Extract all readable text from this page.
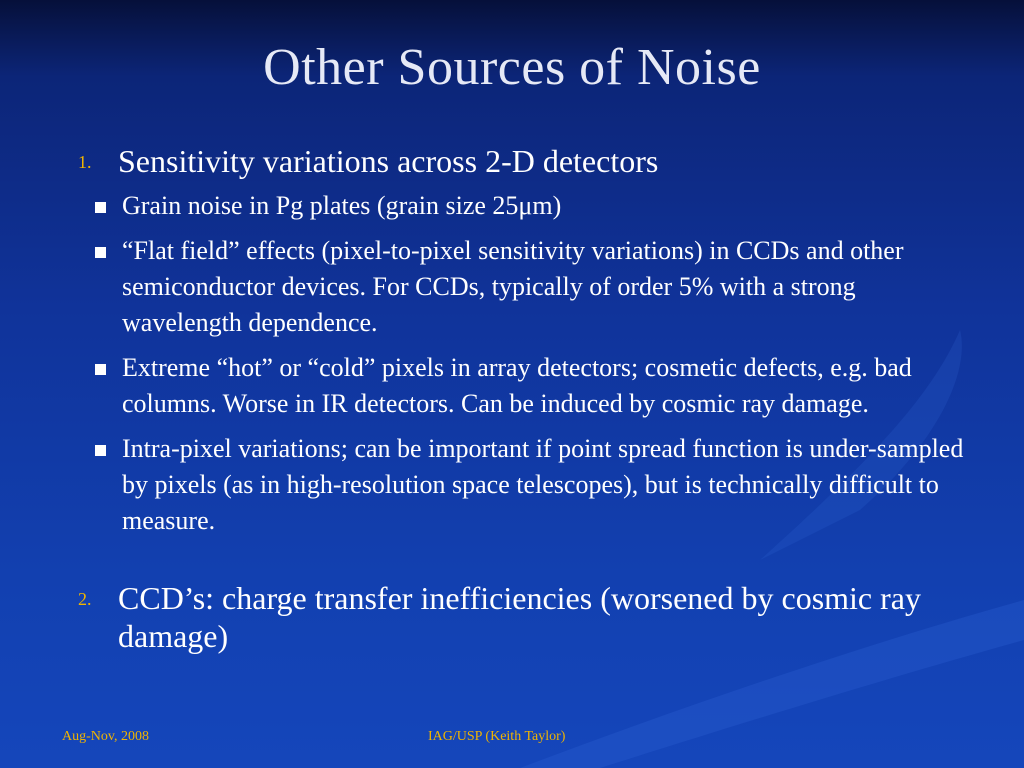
Other Sources of Noise
1. Sensitivity variations across 2-D detectors
Grain noise in Pg plates (grain size 25μm)
“Flat field” effects (pixel-to-pixel sensitivity variations) in CCDs and other semiconductor devices. For CCDs, typically of order 5% with a strong wavelength dependence.
Extreme “hot” or “cold” pixels in array detectors; cosmetic defects, e.g. bad columns. Worse in IR detectors. Can be induced by cosmic ray damage.
Intra-pixel variations; can be important if point spread function is under-sampled by pixels (as in high-resolution space telescopes), but is technically difficult to measure.
2. CCD’s: charge transfer inefficiencies (worsened by cosmic ray damage)
Aug-Nov, 2008	IAG/USP (Keith Taylor)
